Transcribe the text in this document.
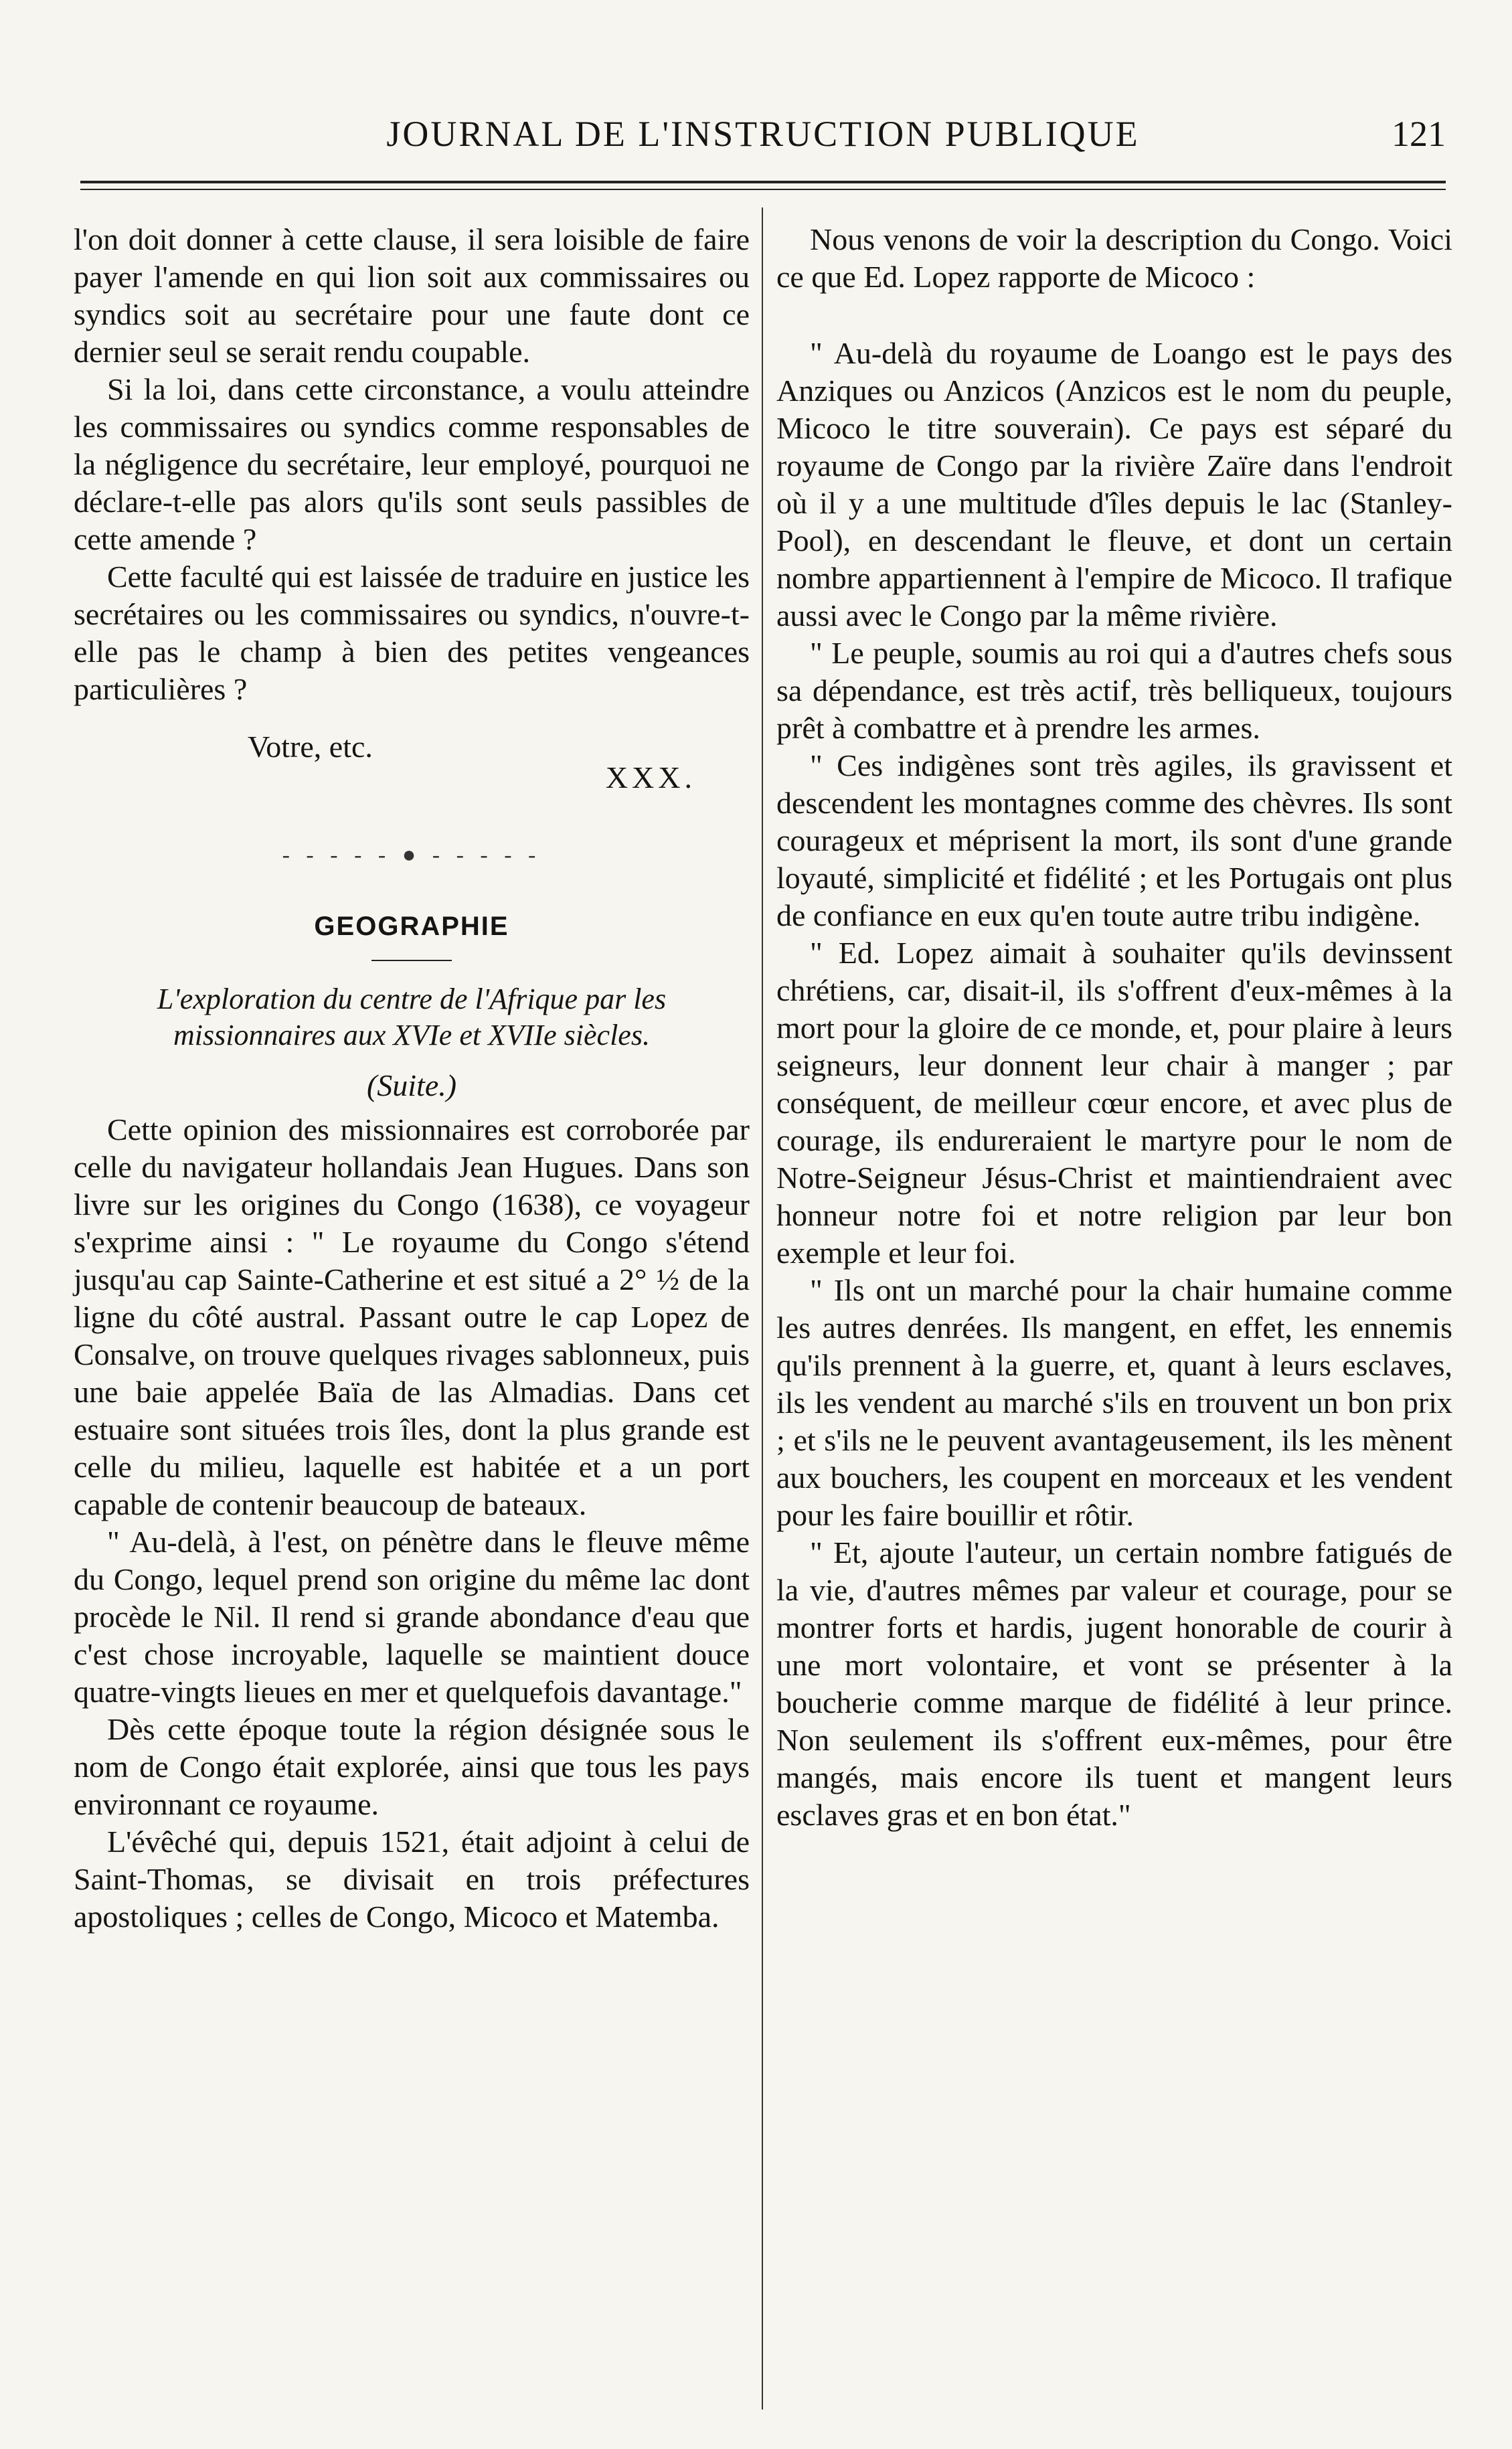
JOURNAL DE L'INSTRUCTION PUBLIQUE	121

l'on doit donner à cette clause, il sera loisible de faire payer l'amende en qui lion soit aux commissaires ou syndics soit au secrétaire pour une faute dont ce dernier seul se serait rendu coupable.

Si la loi, dans cette circonstance, a voulu atteindre les commissaires ou syndics comme responsables de la négligence du secrétaire, leur employé, pourquoi ne déclare-t-elle pas alors qu'ils sont seuls passibles de cette amende ?

Cette faculté qui est laissée de traduire en justice les secrétaires ou les commissaires ou syndics, n'ouvre-t-elle pas le champ à bien des petites vengeances particulières ?

Votre, etc.

XXX.

- - - - - ● - - - - -
GEOGRAPHIE
L'exploration du centre de l'Afrique par les missionnaires aux XVIe et XVIIe siècles.
(Suite.)

Cette opinion des missionnaires est corroborée par celle du navigateur hollandais Jean Hugues. Dans son livre sur les origines du Congo (1638), ce voyageur s'exprime ainsi : " Le royaume du Congo s'étend jusqu'au cap Sainte-Catherine et est situé a 2° ½ de la ligne du côté austral. Passant outre le cap Lopez de Consalve, on trouve quelques rivages sablonneux, puis une baie appelée Baïa de las Almadias. Dans cet estuaire sont situées trois îles, dont la plus grande est celle du milieu, laquelle est habitée et a un port capable de contenir beaucoup de bateaux.

" Au-delà, à l'est, on pénètre dans le fleuve même du Congo, lequel prend son origine du même lac dont procède le Nil. Il rend si grande abondance d'eau que c'est chose incroyable, laquelle se maintient douce quatre-vingts lieues en mer et quelquefois davantage."

Dès cette époque toute la région désignée sous le nom de Congo était explorée, ainsi que tous les pays environnant ce royaume.

L'évêché qui, depuis 1521, était adjoint à celui de Saint-Thomas, se divisait en trois préfectures apostoliques ; celles de Congo, Micoco et Matemba.

Nous venons de voir la description du Congo. Voici ce que Ed. Lopez rapporte de Micoco :

" Au-delà du royaume de Loango est le pays des Anziques ou Anzicos (Anzicos est le nom du peuple, Micoco le titre souverain). Ce pays est séparé du royaume de Congo par la rivière Zaïre dans l'endroit où il y a une multitude d'îles depuis le lac (Stanley-Pool), en descendant le fleuve, et dont un certain nombre appartiennent à l'empire de Micoco. Il trafique aussi avec le Congo par la même rivière.

" Le peuple, soumis au roi qui a d'autres chefs sous sa dépendance, est très actif, très belliqueux, toujours prêt à combattre et à prendre les armes.

" Ces indigènes sont très agiles, ils gravissent et descendent les montagnes comme des chèvres. Ils sont courageux et méprisent la mort, ils sont d'une grande loyauté, simplicité et fidélité ; et les Portugais ont plus de confiance en eux qu'en toute autre tribu indigène.

" Ed. Lopez aimait à souhaiter qu'ils devinssent chrétiens, car, disait-il, ils s'offrent d'eux-mêmes à la mort pour la gloire de ce monde, et, pour plaire à leurs seigneurs, leur donnent leur chair à manger ; par conséquent, de meilleur cœur encore, et avec plus de courage, ils endureraient le martyre pour le nom de Notre-Seigneur Jésus-Christ et maintiendraient avec honneur notre foi et notre religion par leur bon exemple et leur foi.

" Ils ont un marché pour la chair humaine comme les autres denrées. Ils mangent, en effet, les ennemis qu'ils prennent à la guerre, et, quant à leurs esclaves, ils les vendent au marché s'ils en trouvent un bon prix ; et s'ils ne le peuvent avantageusement, ils les mènent aux bouchers, les coupent en morceaux et les vendent pour les faire bouillir et rôtir.

" Et, ajoute l'auteur, un certain nombre fatigués de la vie, d'autres mêmes par valeur et courage, pour se montrer forts et hardis, jugent honorable de courir à une mort volontaire, et vont se présenter à la boucherie comme marque de fidélité à leur prince. Non seulement ils s'offrent eux-mêmes, pour être mangés, mais encore ils tuent et mangent leurs esclaves gras et en bon état."
